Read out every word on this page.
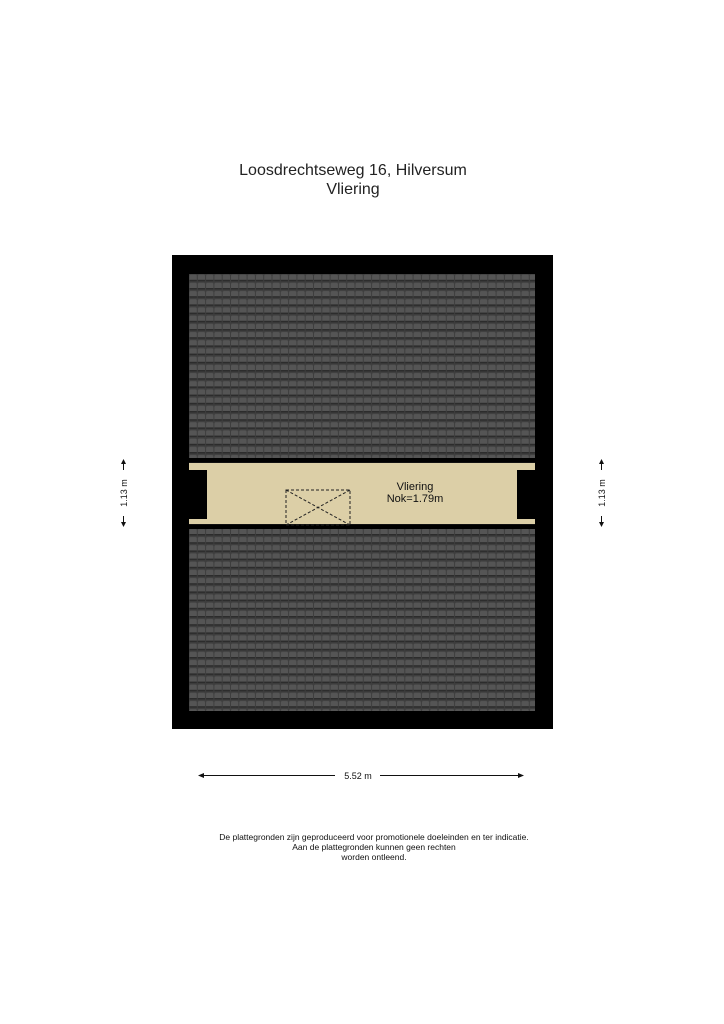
Loosdrechtseweg 16, Hilversum
Vliering
Vliering
Nok=1.79m
1.13 m	1.13 m
5.52 m
De plattegronden zijn geproduceerd voor promotionele doeleinden en ter indicatie.
Aan de plattegronden kunnen geen rechten
worden ontleend.
